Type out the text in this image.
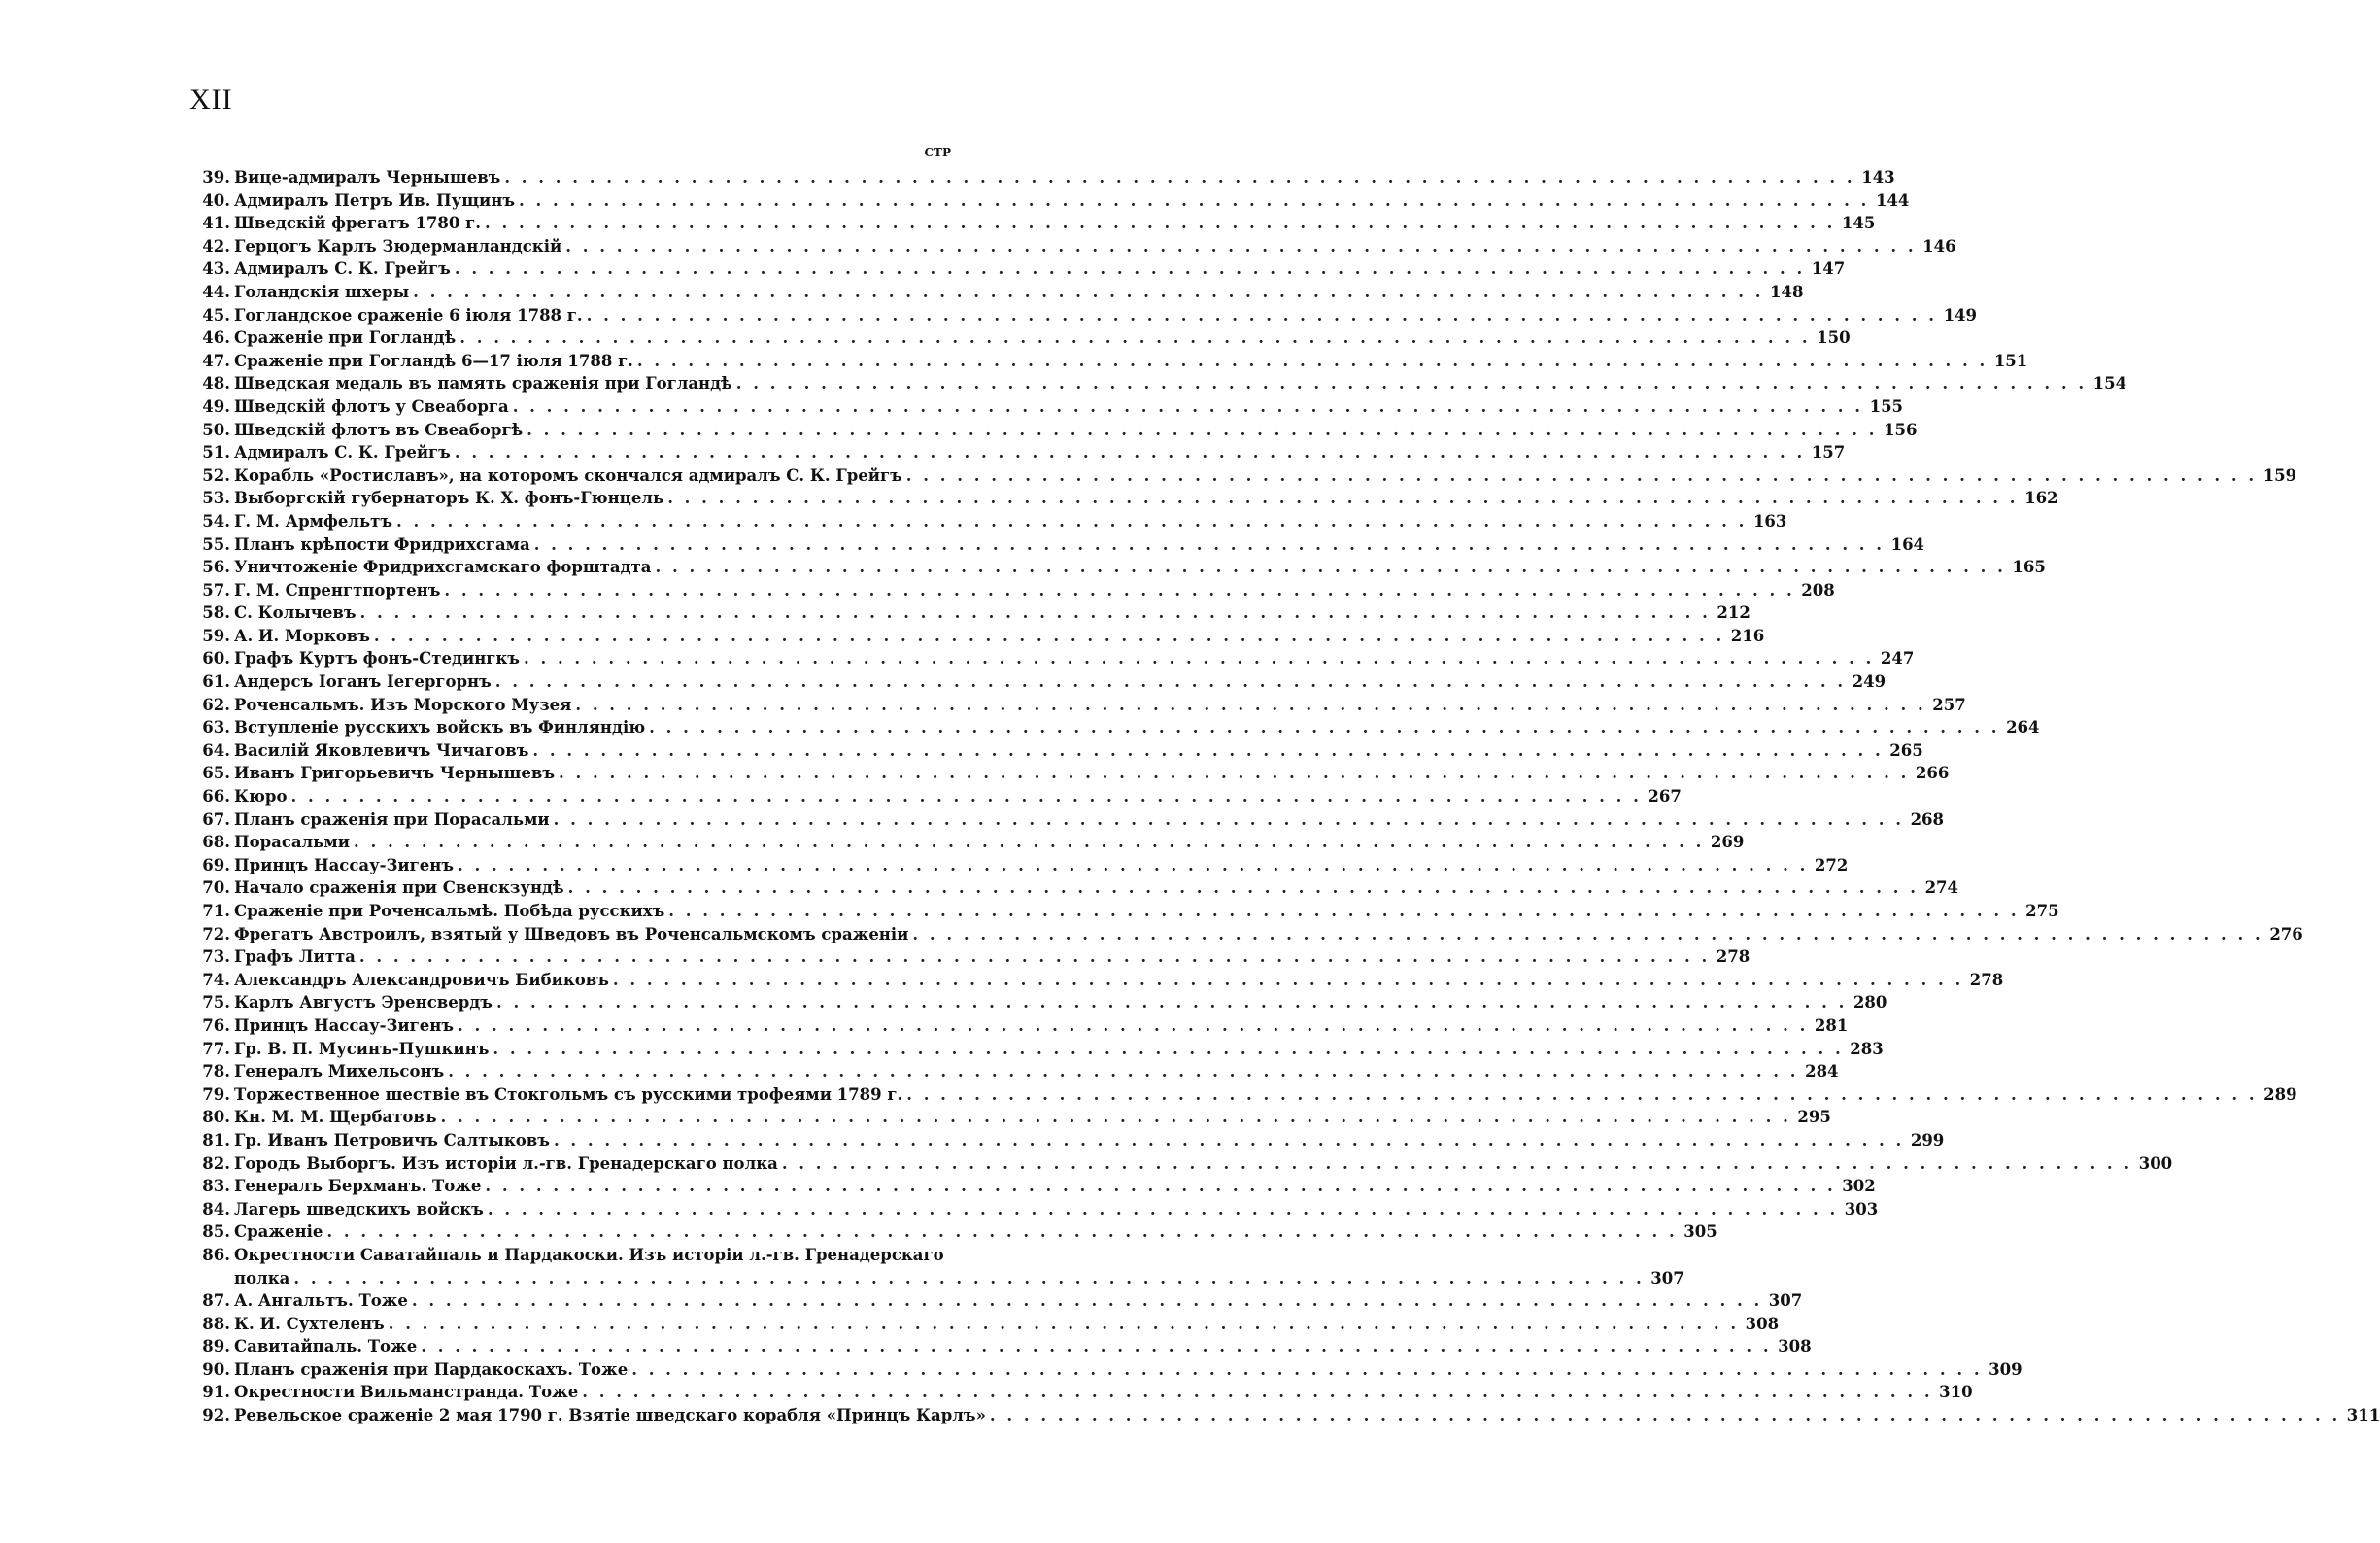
XII
СТР
39. Вице-адмиралъ Чернышевъ . . .	143
40. Адмиралъ Петръ Ив. Пущинъ . . .	144
41. Шведскій фрегатъ 1780 г. . . .	145
42. Герцогъ Карлъ Зюдерманландскій . . .	146
43. Адмиралъ С. К. Грейгъ . . .	147
44. Голандскія шхеры . . .	148
45. Гогландское сраженіе 6 іюля 1788 г. . . .	149
46. Сраженіе при Гогландѣ . . .	150
47. Сраженіе при Гогландѣ 6—17 іюля 1788 г. . . .	151
48. Шведская медаль въ память сраженія при Гогландѣ . . .	154
49. Шведскій флотъ у Свеаборга . . .	155
50. Шведскій флотъ въ Свеаборгѣ . . .	156
51. Адмиралъ С. К. Грейгъ . . .	157
52. Корабль «Ростиславъ», на которомъ скончался адмиралъ С. К. Грейгъ . . .	159
53. Выборгскій губернаторъ К. Х. фонъ-Гюнцель . . .	162
54. Г. М. Армфельтъ . . .	163
55. Планъ крѣпости Фридрихсгама . . .	164
56. Уничтоженіе Фридрихсгамскаго форштадта . . .	165
57. Г. М. Спренгтпортенъ . . .	208
58. С. Колычевъ . . .	212
59. А. И. Морковъ . . .	216
60. Графъ Куртъ фонъ-Стедингкъ . . .	247
61. Андерсъ Іоганъ Іегергорнъ . . .	249
62. Роченсальмъ. Изъ Морского Музея . . .	257
63. Вступленіе русскихъ войскъ въ Финляндію . . .	264
64. Василій Яковлевичъ Чичаговъ . . .	265
65. Иванъ Григорьевичъ Чернышевъ . . .	266
66. Кюро . . .	267
67. Планъ сраженія при Порасальми . . .	268
68. Порасальми . . .	269
69. Принцъ Нассау-Зигенъ . . .	272
70. Начало сраженія при Свенскзундѣ . . .	274
71. Сраженіе при Роченсальмѣ. Побѣда русскихъ . . .	275
72. Фрегатъ Австроилъ, взятый у Шведовъ въ Роченсальмскомъ сраженіи . . .	276
73. Графъ Литта . . .	278
74. Александръ Александровичъ Бибиковъ . . .	278
75. Карлъ Августъ Эренсвердъ . . .	280
76. Принцъ Нассау-Зигенъ . . .	281
77. Гр. В. П. Мусинъ-Пушкинъ . . .	283
78. Генералъ Михельсонъ . . .	284
79. Торжественное шествіе въ Стокгольмъ съ русскими трофеями 1789 г. . . .	289
80. Кн. М. М. Щербатовъ . . .	295
81. Гр. Иванъ Петровичъ Салтыковъ . . .	299
82. Городъ Выборгъ. Изъ исторіи л.-гв. Гренадерскаго полка . . .	300
83. Генералъ Берхманъ. Тоже . . .	302
84. Лагерь шведскихъ войскъ . . .	303
85. Сраженіе . . .	305
86. Окрестности Саватайпаль и Пардакоски. Изъ исторіи л.-гв. Гренадерскаго
полка . . .	307
87. А. Ангальтъ. Тоже . . .	307
88. К. И. Сухтеленъ . . .	308
89. Савитайпаль. Тоже . . .	308
90. Планъ сраженія при Пардакоскахъ. Тоже . . .	309
91. Окрестности Вильманстранда. Тоже . . .	310
92. Ревельское сраженіе 2 мая 1790 г. Взятіе шведскаго корабля «Принцъ Карлъ» . . .	311
